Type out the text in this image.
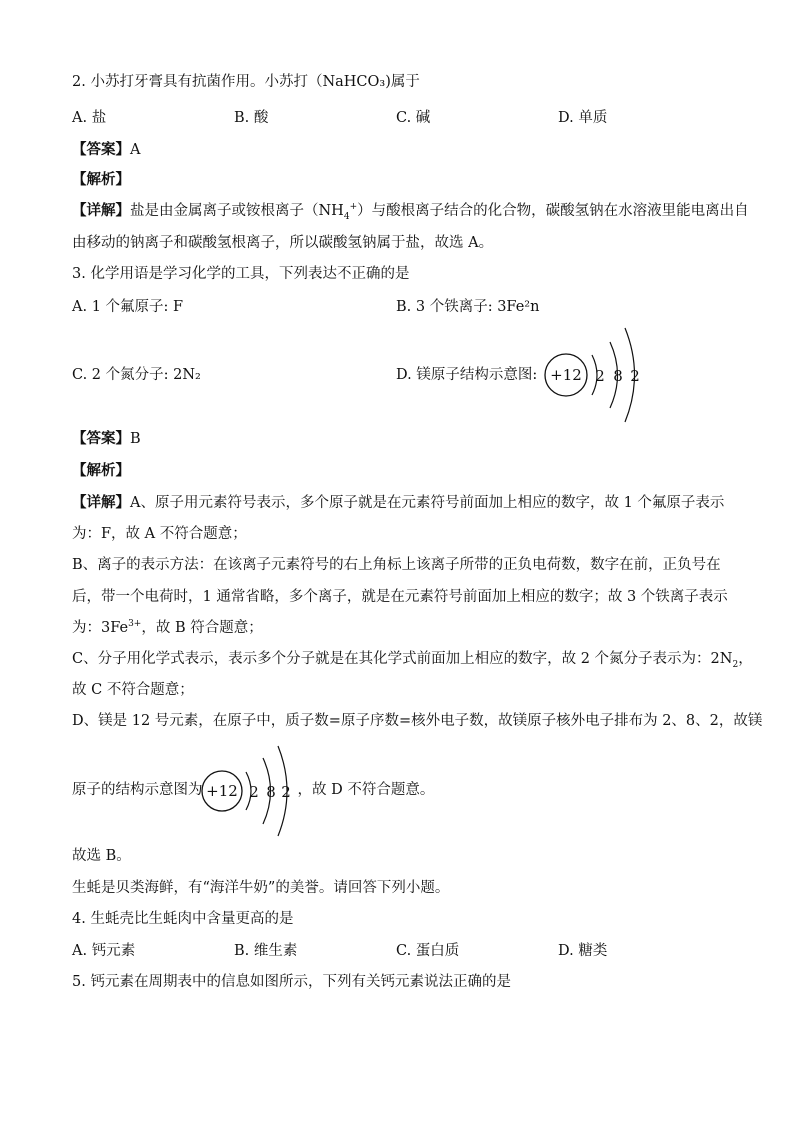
2. 小苏打牙膏具有抗菌作用。小苏打（NaHCO₃)属于
A. 盐	B. 酸	C. 碱	D. 单质
【答案】A
【解析】
【详解】盐是由金属离子或铵根离子$(NH_4^+)$与酸根离子结合的化合物，碳酸氢钠在水溶液里能电离出自
由移动的钠离子和碳酸氢根离子，所以碳酸氢钠属于盐，故选 A。
3. 化学用语是学习化学的工具，下列表达不正确的是
A. 1 个氟原子: F	B. 3 个铁离子: 3Fe²n
C. 2 个氮分子: 2N₂	D. 镁原子结构示意图: +12 2 8 2
【答案】B
【解析】
【详解】A、原子用元素符号表示，多个原子就是在元素符号前面加上相应的数字，故 1 个氟原子表示
为：F，故 A 不符合题意；
B、离子的表示方法：在该离子元素符号的右上角标上该离子所带的正负电荷数，数字在前，正负号在
后，带一个电荷时，1 通常省略，多个离子，就是在元素符号前面加上相应的数字；故 3 个铁离子表示
为：$3Fe^{3+}$，故 B 符合题意；
C、分子用化学式表示，表示多个分子就是在其化学式前面加上相应的数字，故 2 个氮分子表示为：$2N_2$，
故 C 不符合题意；
D、镁是 12 号元素，在原子中，质子数=原子序数=核外电子数，故镁原子核外电子排布为 2、8、2，故镁
原子的结构示意图为	，故 D 不符合题意。
+12 2 8 2
故选 B。
生蚝是贝类海鲜，有“海洋牛奶”的美誉。请回答下列小题。
4. 生蚝壳比生蚝肉中含量更高的是
A. 钙元素	B. 维生素	C. 蛋白质	D. 糖类
5. 钙元素在周期表中的信息如图所示，下列有关钙元素说法正确的是
